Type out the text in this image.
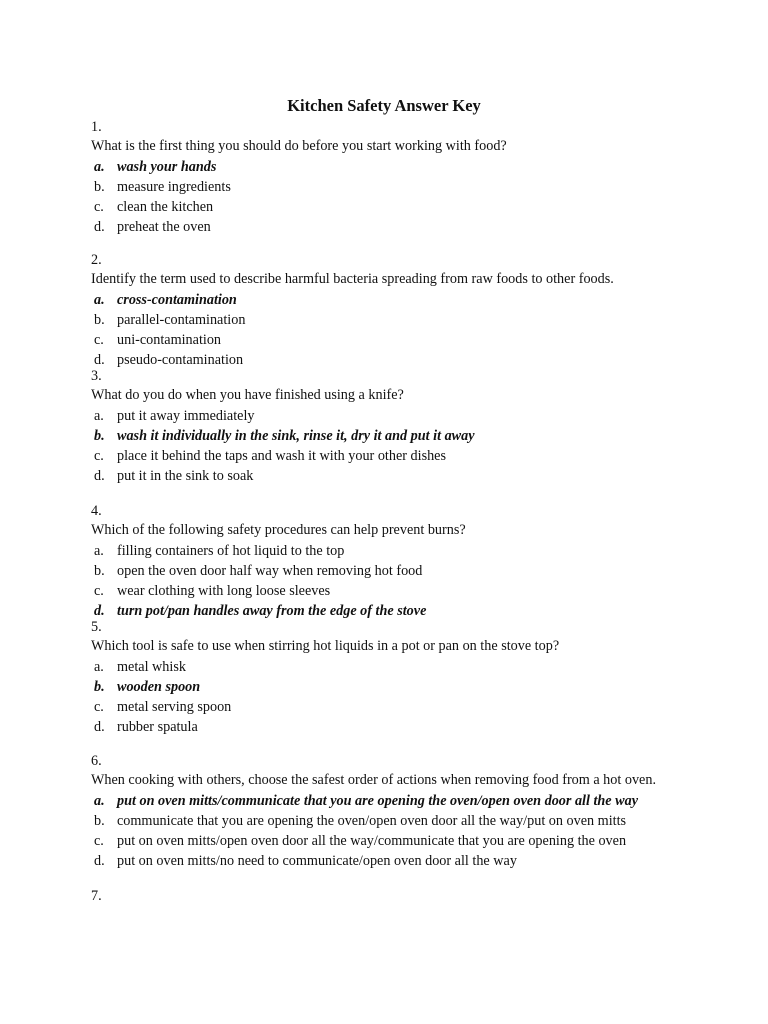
Kitchen Safety Answer Key
1.
What is the first thing you should do before you start working with food?
a. wash your hands
b. measure ingredients
c. clean the kitchen
d. preheat the oven
2.
Identify the term used to describe harmful bacteria spreading from raw foods to other foods.
a. cross-contamination
b. parallel-contamination
c. uni-contamination
d. pseudo-contamination
3.
What do you do when you have finished using a knife?
a. put it away immediately
b. wash it individually in the sink, rinse it, dry it and put it away
c. place it behind the taps and wash it with your other dishes
d. put it in the sink to soak
4.
Which of the following safety procedures can help prevent burns?
a. filling containers of hot liquid to the top
b. open the oven door half way when removing hot food
c. wear clothing with long loose sleeves
d. turn pot/pan handles away from the edge of the stove
5.
Which tool is safe to use when stirring hot liquids in a pot or pan on the stove top?
a. metal whisk
b. wooden spoon
c. metal serving spoon
d. rubber spatula
6.
When cooking with others, choose the safest order of actions when removing food from a hot oven.
a. put on oven mitts/communicate that you are opening the oven/open oven door all the way
b. communicate that you are opening the oven/open oven door all the way/put on oven mitts
c. put on oven mitts/open oven door all the way/communicate that you are opening the oven
d. put on oven mitts/no need to communicate/open oven door all the way
7.
